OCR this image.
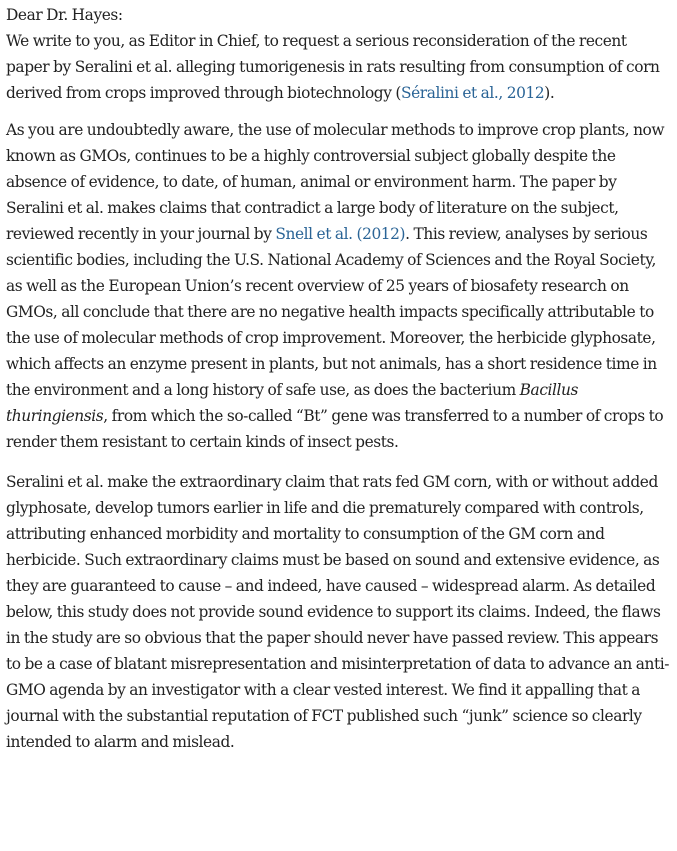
Dear Dr. Hayes:
We write to you, as Editor in Chief, to request a serious reconsideration of the recent paper by Seralini et al. alleging tumorigenesis in rats resulting from consumption of corn derived from crops improved through biotechnology (Séralini et al., 2012).

As you are undoubtedly aware, the use of molecular methods to improve crop plants, now known as GMOs, continues to be a highly controversial subject globally despite the absence of evidence, to date, of human, animal or environment harm. The paper by Seralini et al. makes claims that contradict a large body of literature on the subject, reviewed recently in your journal by Snell et al. (2012). This review, analyses by serious scientific bodies, including the U.S. National Academy of Sciences and the Royal Society, as well as the European Union’s recent overview of 25 years of biosafety research on GMOs, all conclude that there are no negative health impacts specifically attributable to the use of molecular methods of crop improvement. Moreover, the herbicide glyphosate, which affects an enzyme present in plants, but not animals, has a short residence time in the environment and a long history of safe use, as does the bacterium Bacillus thuringiensis, from which the so-called “Bt” gene was transferred to a number of crops to render them resistant to certain kinds of insect pests.

Seralini et al. make the extraordinary claim that rats fed GM corn, with or without added glyphosate, develop tumors earlier in life and die prematurely compared with controls, attributing enhanced morbidity and mortality to consumption of the GM corn and herbicide. Such extraordinary claims must be based on sound and extensive evidence, as they are guaranteed to cause – and indeed, have caused – widespread alarm. As detailed below, this study does not provide sound evidence to support its claims. Indeed, the flaws in the study are so obvious that the paper should never have passed review. This appears to be a case of blatant misrepresentation and misinterpretation of data to advance an anti-GMO agenda by an investigator with a clear vested interest. We find it appalling that a journal with the substantial reputation of FCT published such “junk” science so clearly intended to alarm and mislead.
